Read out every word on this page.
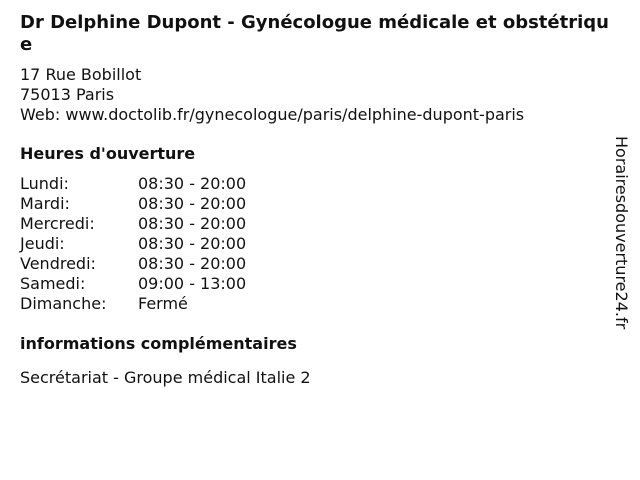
Dr Delphine Dupont - Gynécologue médicale et obstétrique
17 Rue Bobillot
75013 Paris
Web: www.doctolib.fr/gynecologue/paris/delphine-dupont-paris
Heures d'ouverture
Lundi:	08:30 - 20:00
Mardi:	08:30 - 20:00
Mercredi:	08:30 - 20:00
Jeudi:	08:30 - 20:00
Vendredi:	08:30 - 20:00
Samedi:	09:00 - 13:00
Dimanche:	Fermé
informations complémentaires
Secrétariat - Groupe médical Italie 2
Horairesdouverture24.fr
